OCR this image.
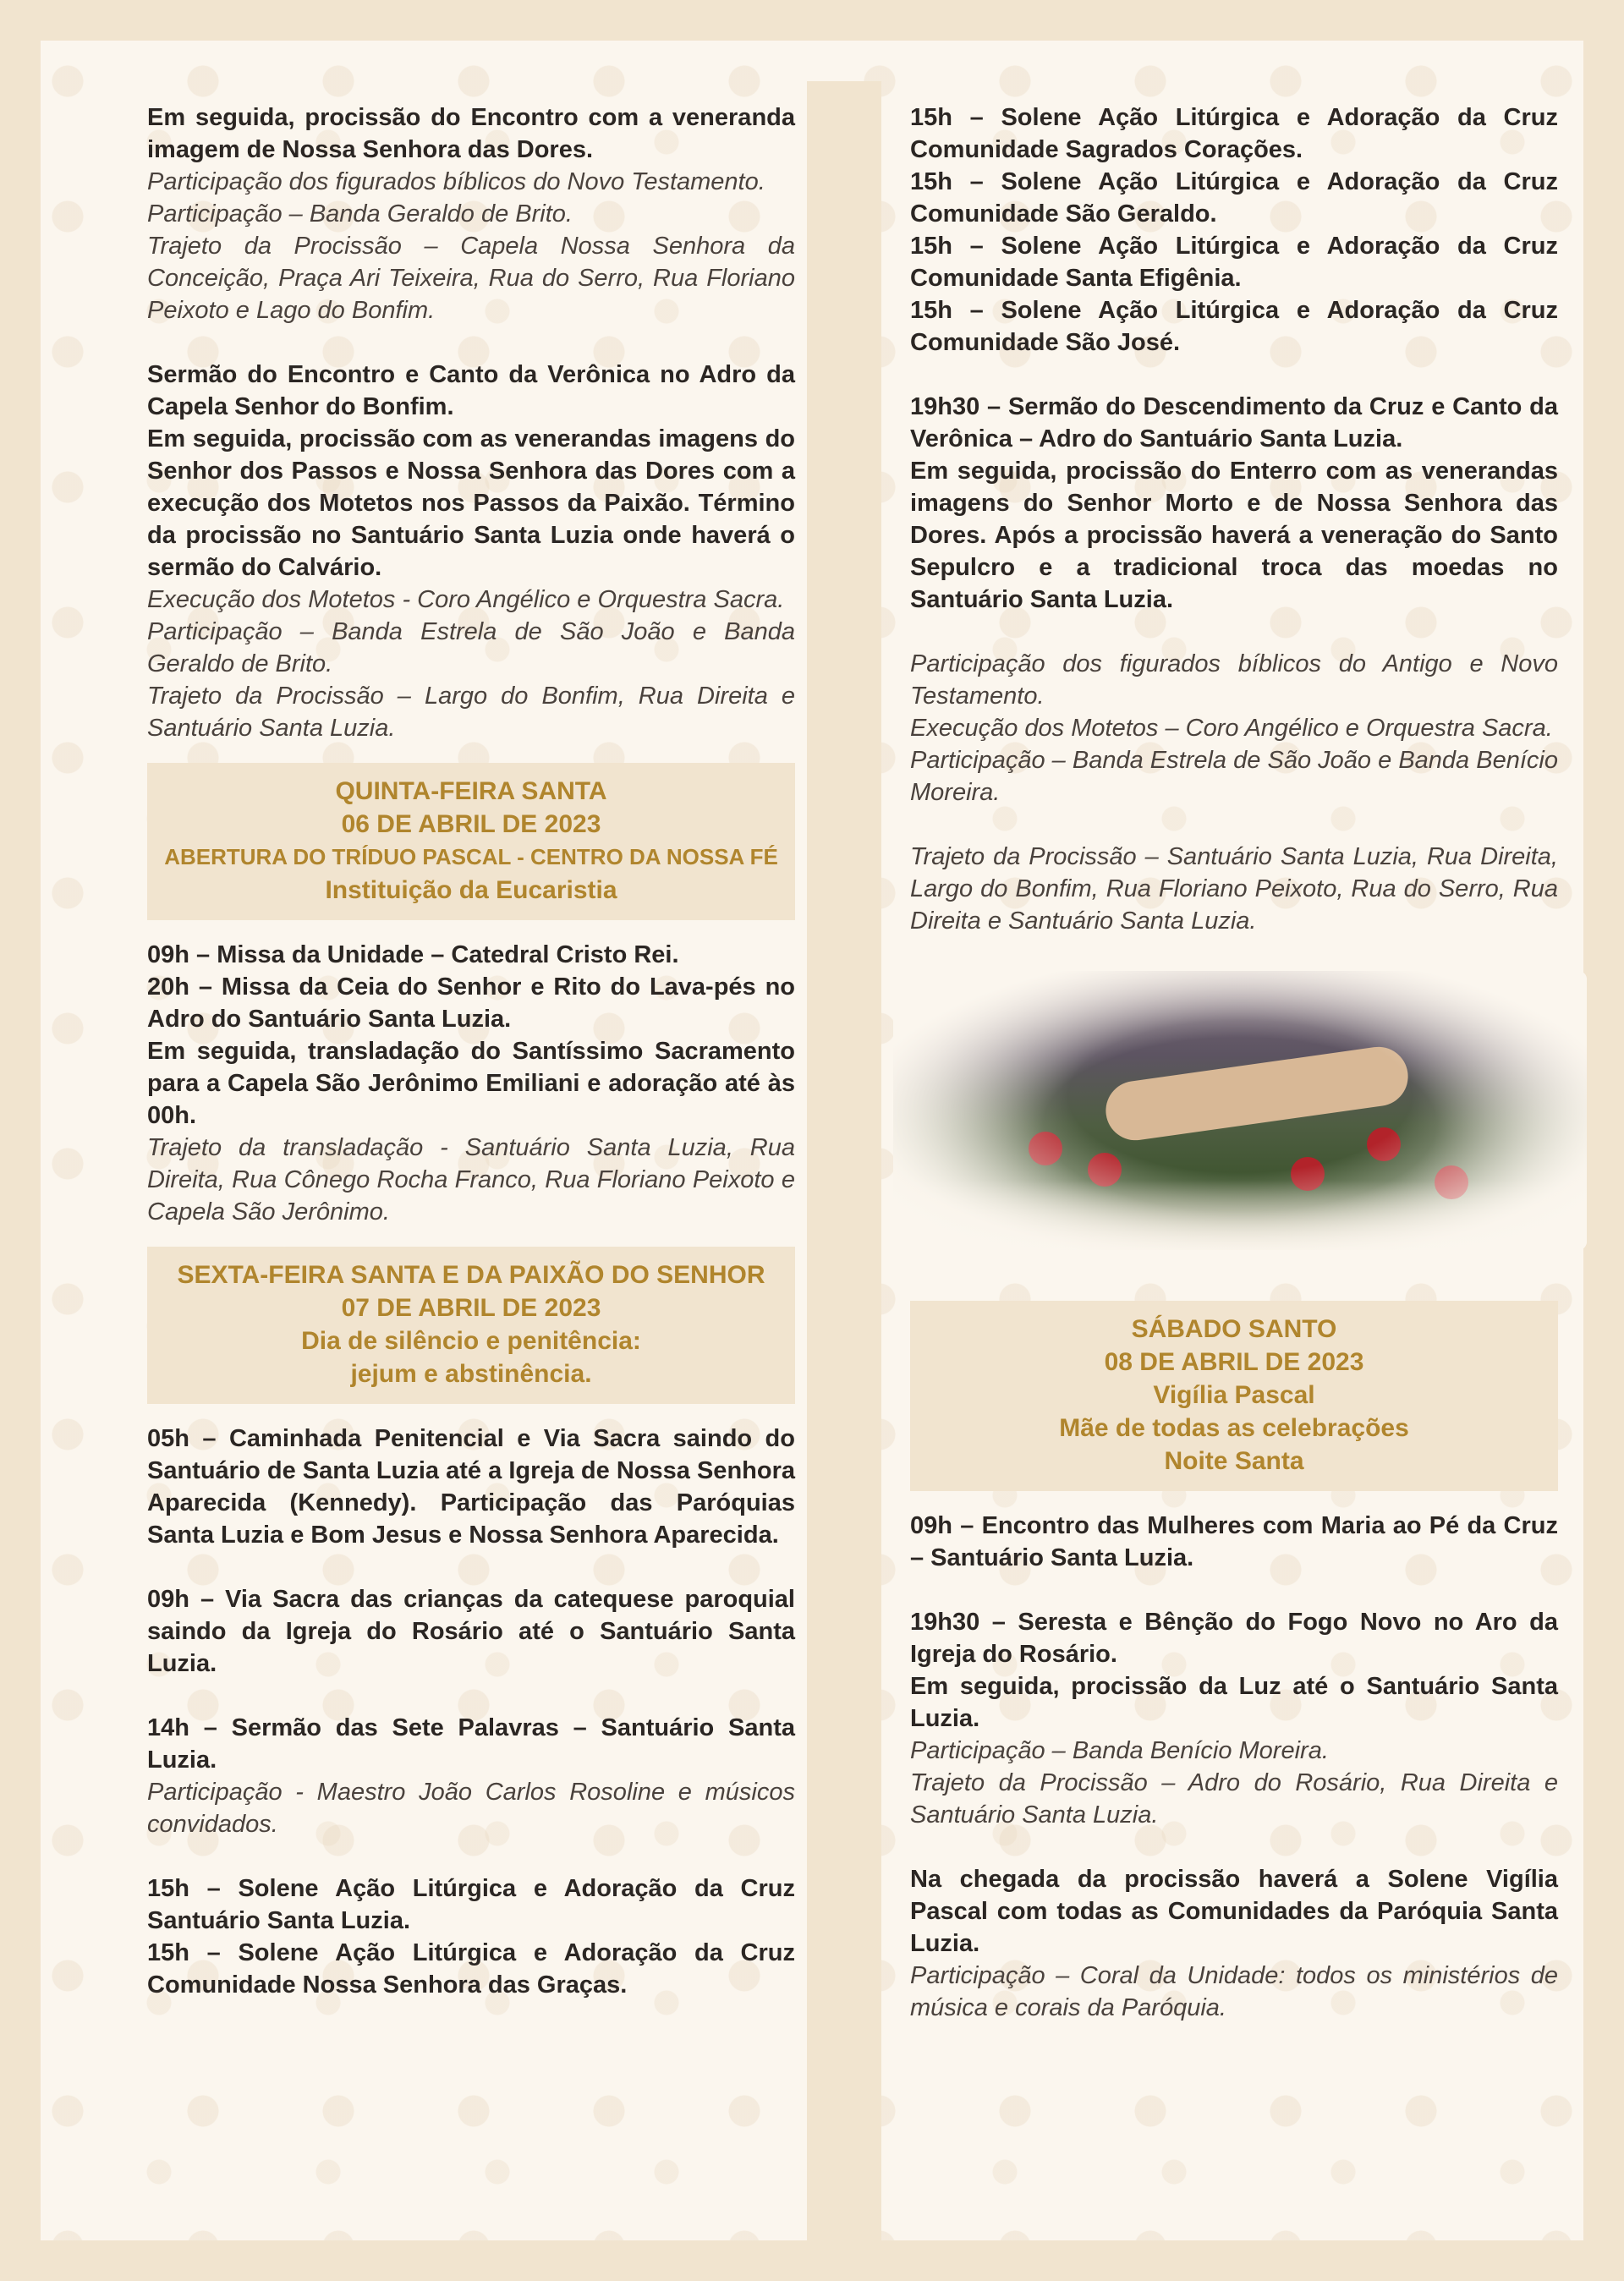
Em seguida, procissão do Encontro com a veneranda imagem de Nossa Senhora das Dores.

Participação dos figurados bíblicos do Novo Testamento.

Participação – Banda Geraldo de Brito.

Trajeto da Procissão – Capela Nossa Senhora da Conceição, Praça Ari Teixeira, Rua do Serro, Rua Floriano Peixoto e Lago do Bonfim.

Sermão do Encontro e Canto da Verônica no Adro da Capela Senhor do Bonfim.

Em seguida, procissão com as venerandas imagens do Senhor dos Passos e Nossa Senhora das Dores com a execução dos Motetos nos Passos da Paixão. Término da procissão no Santuário Santa Luzia onde haverá o sermão do Calvário.

Execução dos Motetos - Coro Angélico e Orquestra Sacra.

Participação – Banda Estrela de São João e Banda Geraldo de Brito.

Trajeto da Procissão – Largo do Bonfim, Rua Direita e Santuário Santa Luzia.

QUINTA-FEIRA SANTA
06 DE ABRIL DE 2023
ABERTURA DO TRÍDUO PASCAL - CENTRO DA NOSSA FÉ
Instituição da Eucaristia

09h – Missa da Unidade – Catedral Cristo Rei.

20h – Missa da Ceia do Senhor e Rito do Lava-pés no Adro do Santuário Santa Luzia.

Em seguida, transladação do Santíssimo Sacramento para a Capela São Jerônimo Emiliani e adoração até às 00h.

Trajeto da transladação - Santuário Santa Luzia, Rua Direita, Rua Cônego Rocha Franco, Rua Floriano Peixoto e Capela São Jerônimo.

SEXTA-FEIRA SANTA E DA PAIXÃO DO SENHOR
07 DE ABRIL DE 2023
Dia de silêncio e penitência:
jejum e abstinência.

05h – Caminhada Penitencial e Via Sacra saindo do Santuário de Santa Luzia até a Igreja de Nossa Senhora Aparecida (Kennedy). Participação das Paróquias Santa Luzia e Bom Jesus e Nossa Senhora Aparecida.

09h – Via Sacra das crianças da catequese paroquial saindo da Igreja do Rosário até o Santuário Santa Luzia.

14h – Sermão das Sete Palavras – Santuário Santa Luzia.

Participação - Maestro João Carlos Rosoline e músicos convidados.

15h – Solene Ação Litúrgica e Adoração da Cruz Santuário Santa Luzia.

15h – Solene Ação Litúrgica e Adoração da Cruz Comunidade Nossa Senhora das Graças.

15h – Solene Ação Litúrgica e Adoração da Cruz Comunidade Sagrados Corações.

15h – Solene Ação Litúrgica e Adoração da Cruz Comunidade São Geraldo.

15h – Solene Ação Litúrgica e Adoração da Cruz Comunidade Santa Efigênia.

15h – Solene Ação Litúrgica e Adoração da Cruz Comunidade São José.

19h30 – Sermão do Descendimento da Cruz e Canto da Verônica – Adro do Santuário Santa Luzia.

Em seguida, procissão do Enterro com as venerandas imagens do Senhor Morto e de Nossa Senhora das Dores. Após a procissão haverá a veneração do Santo Sepulcro e a tradicional troca das moedas no Santuário Santa Luzia.

Participação dos figurados bíblicos do Antigo e Novo Testamento.

Execução dos Motetos – Coro Angélico e Orquestra Sacra.

Participação – Banda Estrela de São João e Banda Benício Moreira.

Trajeto da Procissão – Santuário Santa Luzia, Rua Direita, Largo do Bonfim, Rua Floriano Peixoto, Rua do Serro, Rua Direita e Santuário Santa Luzia.

SÁBADO SANTO
08 DE ABRIL DE 2023
Vigília Pascal
Mãe de todas as celebrações
Noite Santa

09h – Encontro das Mulheres com Maria ao Pé da Cruz – Santuário Santa Luzia.

19h30 – Seresta e Bênção do Fogo Novo no Aro da Igreja do Rosário.

Em seguida, procissão da Luz até o Santuário Santa Luzia.

Participação – Banda Benício Moreira.

Trajeto da Procissão – Adro do Rosário, Rua Direita e Santuário Santa Luzia.

Na chegada da procissão haverá a Solene Vigília Pascal com todas as Comunidades da Paróquia Santa Luzia.

Participação – Coral da Unidade: todos os ministérios de música e corais da Paróquia.
